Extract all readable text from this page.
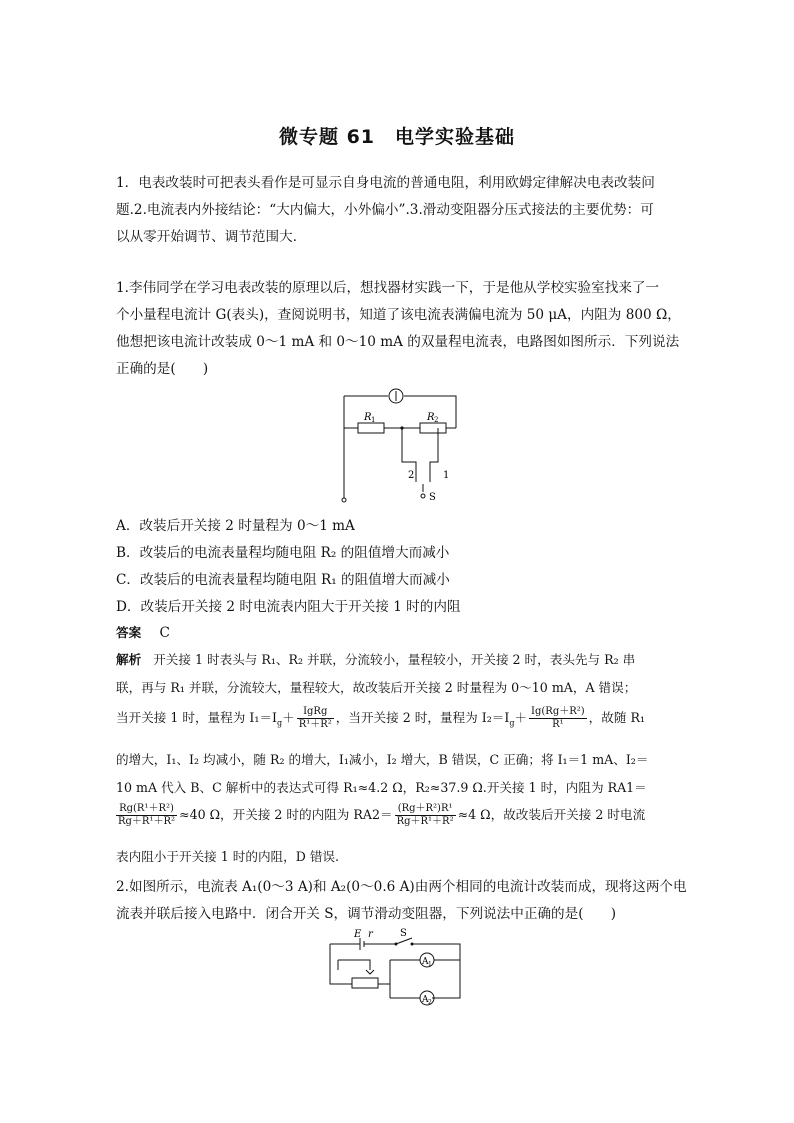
微专题 61　电学实验基础
1．电表改装时可把表头看作是可显示自身电流的普通电阻，利用欧姆定律解决电表改装问
题.2.电流表内外接结论：“大内偏大，小外偏小”.3.滑动变阻器分压式接法的主要优势：可
以从零开始调节、调节范围大．
1.李伟同学在学习电表改装的原理以后，想找器材实践一下，于是他从学校实验室找来了一
个小量程电流计 G(表头)，查阅说明书，知道了该电流表满偏电流为 50 μA，内阻为 800 Ω，
他想把该电流计改装成 0～1 mA 和 0～10 mA 的双量程电流表，电路图如图所示．下列说法
正确的是(　　)
R 1	R 2
2	1
S
A．改装后开关接 2 时量程为 0～1 mA
B．改装后的电流表量程均随电阻 R₂ 的阻值增大而减小
C．改装后的电流表量程均随电阻 R₁ 的阻值增大而减小
D．改装后开关接 2 时电流表内阻大于开关接 1 时的内阻
答案 C
解析 开关接 1 时表头与 R₁、R₂ 并联，分流较小，量程较小，开关接 2 时，表头先与 R₂ 串
联，再与 R₁ 并联，分流较大，量程较大，故改装后开关接 2 时量程为 0～10 mA，A 错误；
当开关接 1 时，量程为 $I_1=I_g+ \frac{\text{IgRg}}{\text{R¹＋R²}}$ ，当开关接 2 时，量程为 $I_2=I_g+ \frac{\text{Ig(Rg＋R²)}}{\text{R¹}}$ ，故随 R₁
的增大，I₁、I₂ 均减小，随 R₂ 的增大，I₁减小，I₂ 增大，B 错误，C 正确；将 I₁＝1 mA、I₂＝
10 mA 代入 B、C 解析中的表达式可得 R₁≈4.2 Ω，R₂≈37.9 Ω.开关接 1 时，内阻为 RA1＝
$\frac{\text{Rg(R¹＋R²)}}{\text{Rg＋R¹＋R²}} \approx 40$ Ω，开关接 2 时的内阻为 $RA2= \frac{\text{(Rg＋R²)R¹}}{\text{Rg＋R¹＋R²}} \approx 4$ Ω，故改装后开关接 2 时电流
表内阻小于开关接 1 时的内阻，D 错误.
2.如图所示，电流表 A₁(0～3 A)和 A₂(0～0.6 A)由两个相同的电流计改装而成，现将这两个电
流表并联后接入电路中．闭合开关 S，调节滑动变阻器，下列说法中正确的是(　　)
E r	S
A 1
A 2
